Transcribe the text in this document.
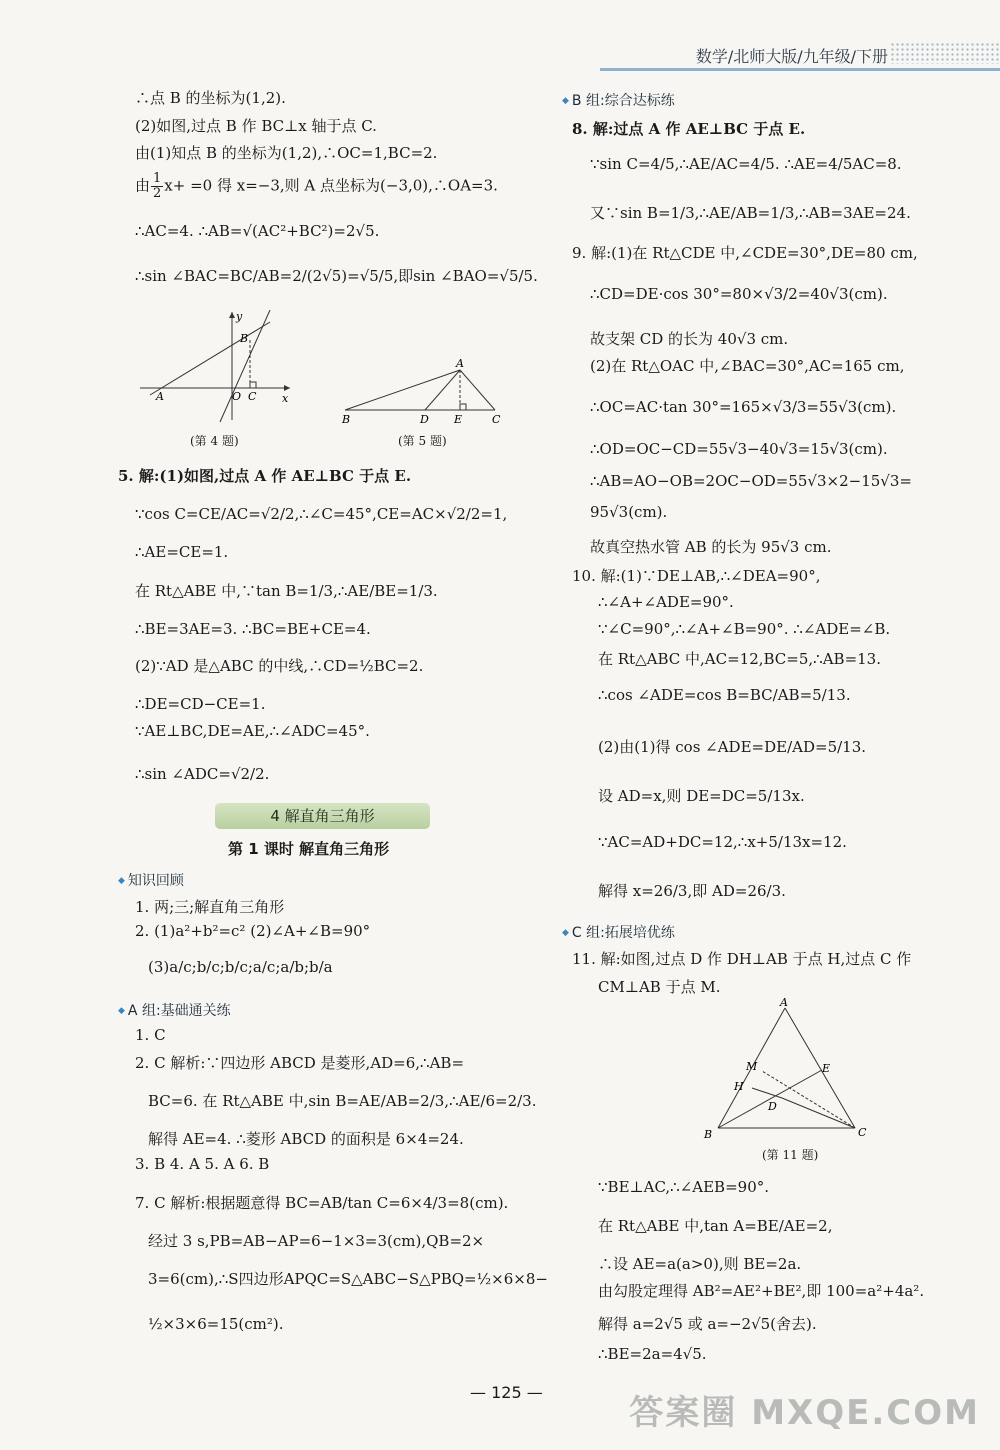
数学/北师大版/九年级/下册
∴点 B 的坐标为(1,2).
(2)如图,过点 B 作 BC⊥x 轴于点 C.
由(1)知点 B 的坐标为(1,2),∴OC=1,BC=2.
由 $\frac{1}{2} x+ =0$ 得 x=−3,则 A 点坐标为(−3,0),∴OA=3.
∴AC=4. ∴AB=√(AC²+BC²)=2√5.
∴sin ∠BAC=BC/AB=2/(2√5)=√5/5,即sin ∠BAO=√5/5.
A	O C x
y
B
(第 4 题)
A
B	D E	C
(第 5 题)
5. 解:(1)如图,过点 A 作 AE⊥BC 于点 E.
∵cos C=CE/AC=√2/2,∴∠C=45°,CE=AC×√2/2=1,
∴AE=CE=1.
在 Rt△ABE 中,∵tan B=1/3,∴AE/BE=1/3.
∴BE=3AE=3. ∴BC=BE+CE=4.
(2)∵AD 是△ABC 的中线,∴CD=½BC=2.
∴DE=CD−CE=1.
∵AE⊥BC,DE=AE,∴∠ADC=45°.
∴sin ∠ADC=√2/2.
4 解直角三角形
第 1 课时 解直角三角形
◆ 知识回顾
1. 两;三;解直角三角形
2. (1)a²+b²=c² (2)∠A+∠B=90°
(3)a/c;b/c;b/c;a/c;a/b;b/a
◆ A 组:基础通关练
1. C
2. C 解析:∵四边形 ABCD 是菱形,AD=6,∴AB=
BC=6. 在 Rt△ABE 中,sin B=AE/AB=2/3,∴AE/6=2/3.
解得 AE=4. ∴菱形 ABCD 的面积是 6×4=24.
3. B 4. A 5. A 6. B
7. C 解析:根据题意得 BC=AB/tan C=6×4/3=8(cm).
经过 3 s,PB=AB−AP=6−1×3=3(cm),QB=2×
3=6(cm),∴S四边形APQC=S△ABC−S△PBQ=½×6×8−
½×3×6=15(cm²).
◆ B 组:综合达标练
8. 解:过点 A 作 AE⊥BC 于点 E.
∵sin C=4/5,∴AE/AC=4/5. ∴AE=4/5AC=8.
又∵sin B=1/3,∴AE/AB=1/3,∴AB=3AE=24.
9. 解:(1)在 Rt△CDE 中,∠CDE=30°,DE=80 cm,
∴CD=DE·cos 30°=80×√3/2=40√3(cm).
故支架 CD 的长为 40√3 cm.
(2)在 Rt△OAC 中,∠BAC=30°,AC=165 cm,
∴OC=AC·tan 30°=165×√3/3=55√3(cm).
∴OD=OC−CD=55√3−40√3=15√3(cm).
∴AB=AO−OB=2OC−OD=55√3×2−15√3=
95√3(cm).
故真空热水管 AB 的长为 95√3 cm.
10. 解:(1)∵DE⊥AB,∴∠DEA=90°,
∴∠A+∠ADE=90°.
∵∠C=90°,∴∠A+∠B=90°. ∴∠ADE=∠B.
在 Rt△ABC 中,AC=12,BC=5,∴AB=13.
∴cos ∠ADE=cos B=BC/AB=5/13.
(2)由(1)得 cos ∠ADE=DE/AD=5/13.
设 AD=x,则 DE=DC=5/13x.
∵AC=AD+DC=12,∴x+5/13x=12.
解得 x=26/3,即 AD=26/3.
◆ C 组:拓展培优练
11. 解:如图,过点 D 作 DH⊥AB 于点 H,过点 C 作
CM⊥AB 于点 M.
A
B	C
E
M
H
D
(第 11 题)
∵BE⊥AC,∴∠AEB=90°.
在 Rt△ABE 中,tan A=BE/AE=2,
∴设 AE=a(a>0),则 BE=2a.
由勾股定理得 AB²=AE²+BE²,即 100=a²+4a².
解得 a=2√5 或 a=−2√5(舍去).
∴BE=2a=4√5.
— 125 —
答案圈 MXQE.COM
